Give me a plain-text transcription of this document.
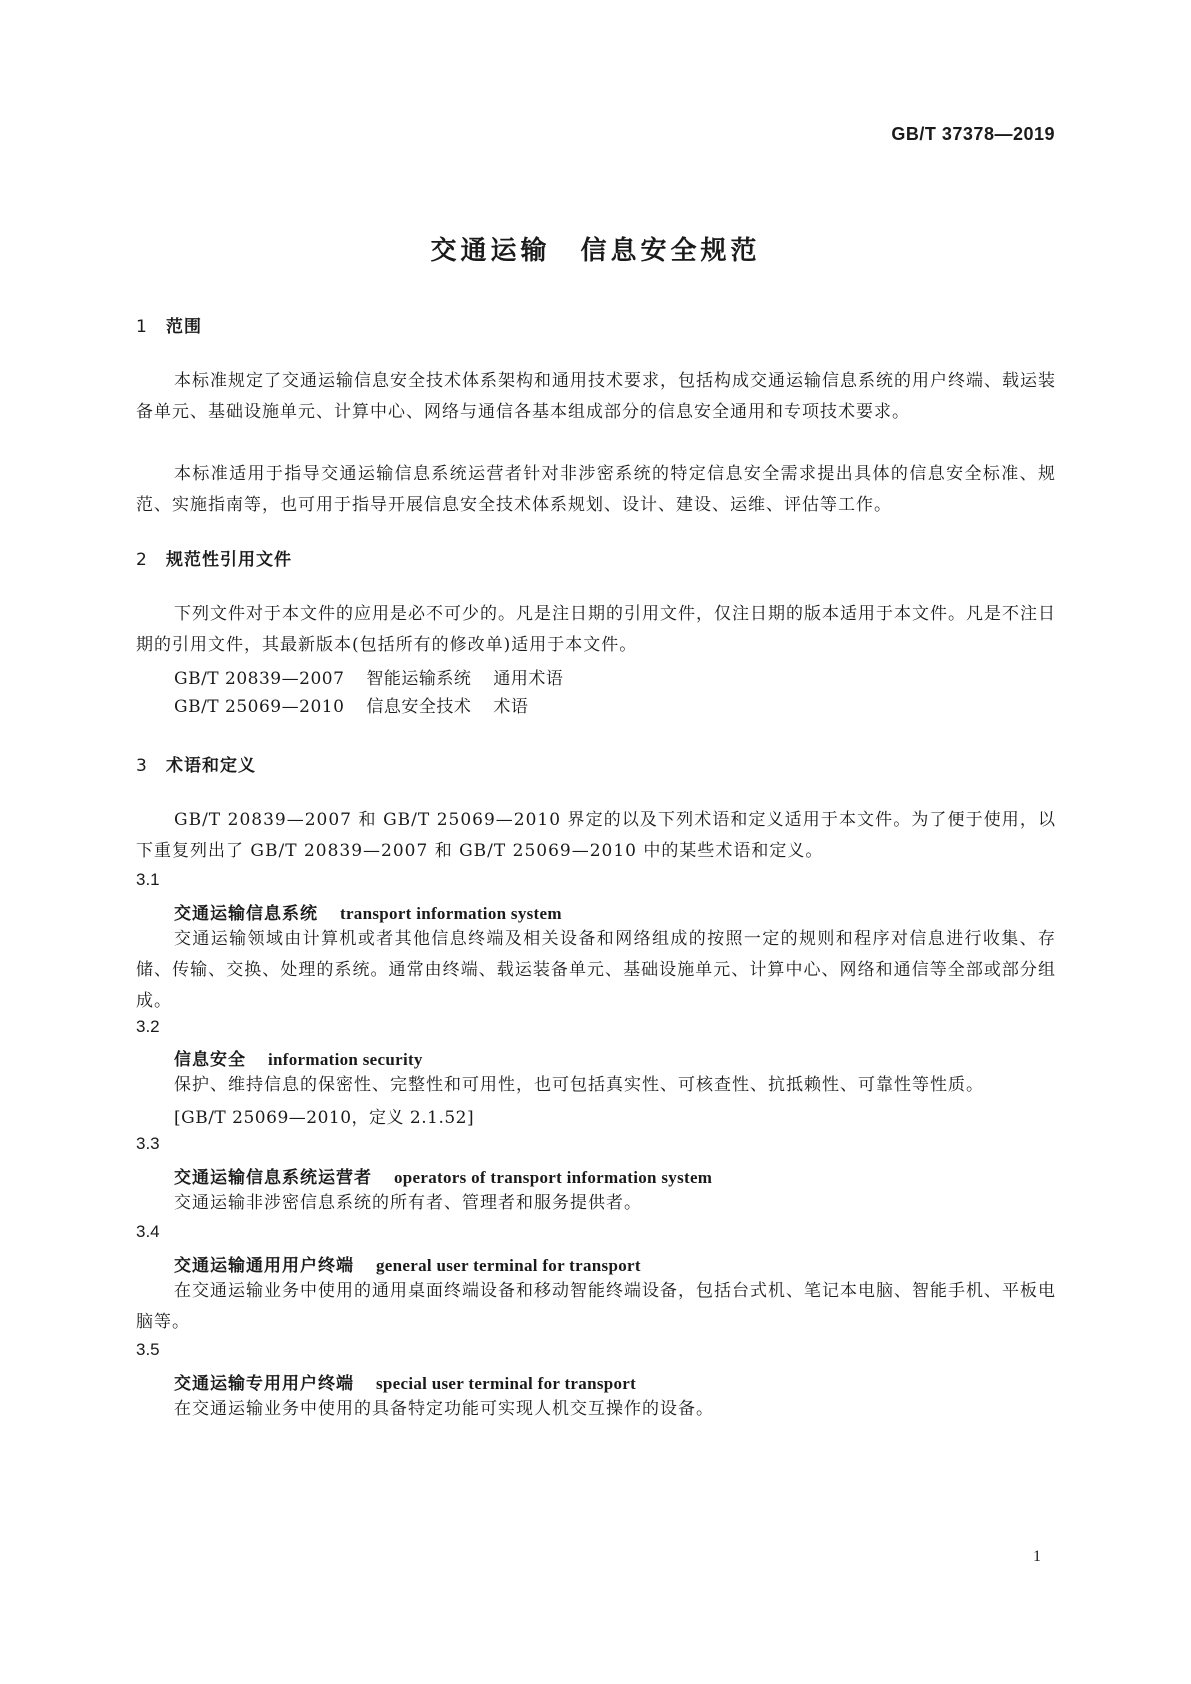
GB/T 37378—2019
交通运输　信息安全规范
1 范围
本标准规定了交通运输信息安全技术体系架构和通用技术要求，包括构成交通运输信息系统的用户终端、载运装备单元、基础设施单元、计算中心、网络与通信各基本组成部分的信息安全通用和专项技术要求。
本标准适用于指导交通运输信息系统运营者针对非涉密系统的特定信息安全需求提出具体的信息安全标准、规范、实施指南等，也可用于指导开展信息安全技术体系规划、设计、建设、运维、评估等工作。
2 规范性引用文件
下列文件对于本文件的应用是必不可少的。凡是注日期的引用文件，仅注日期的版本适用于本文件。凡是不注日期的引用文件，其最新版本(包括所有的修改单)适用于本文件。
GB/T 20839—2007 智能运输系统 通用术语
GB/T 25069—2010 信息安全技术 术语
3 术语和定义
GB/T 20839—2007 和 GB/T 25069—2010 界定的以及下列术语和定义适用于本文件。为了便于使用，以下重复列出了 GB/T 20839—2007 和 GB/T 25069—2010 中的某些术语和定义。
3.1
交通运输信息系统 transport information system
交通运输领域由计算机或者其他信息终端及相关设备和网络组成的按照一定的规则和程序对信息进行收集、存储、传输、交换、处理的系统。通常由终端、载运装备单元、基础设施单元、计算中心、网络和通信等全部或部分组成。
3.2
信息安全 information security
保护、维持信息的保密性、完整性和可用性，也可包括真实性、可核查性、抗抵赖性、可靠性等性质。
[GB/T 25069—2010，定义 2.1.52]
3.3
交通运输信息系统运营者 operators of transport information system
交通运输非涉密信息系统的所有者、管理者和服务提供者。
3.4
交通运输通用用户终端 general user terminal for transport
在交通运输业务中使用的通用桌面终端设备和移动智能终端设备，包括台式机、笔记本电脑、智能手机、平板电脑等。
3.5
交通运输专用用户终端 special user terminal for transport
在交通运输业务中使用的具备特定功能可实现人机交互操作的设备。
1
